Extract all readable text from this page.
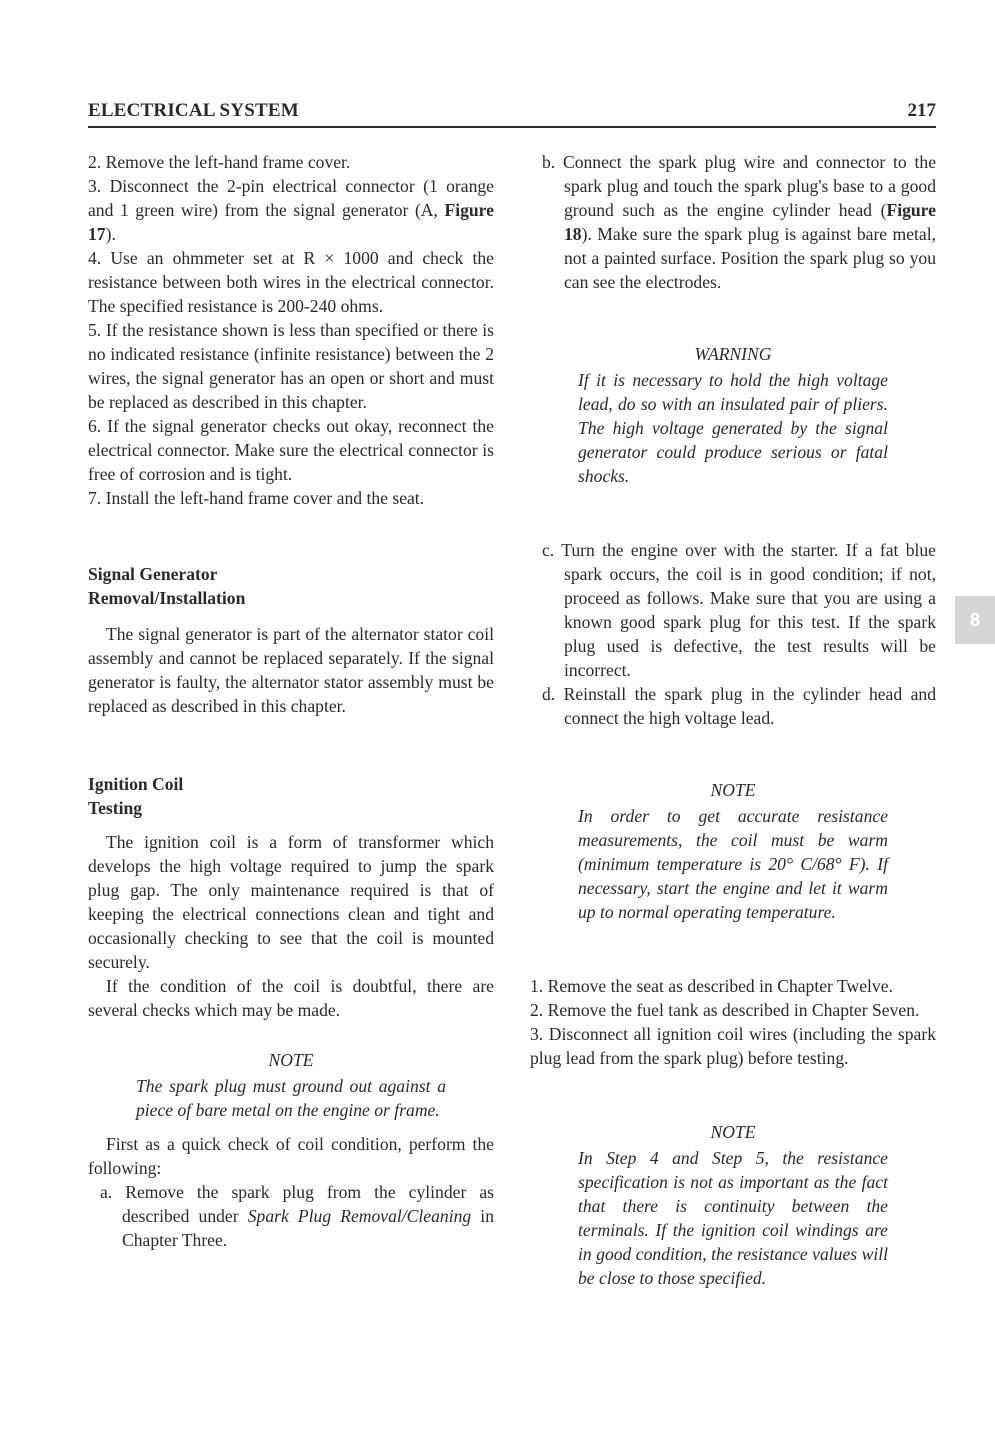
ELECTRICAL SYSTEM	217
8

2. Remove the left-hand frame cover.

3. Disconnect the 2-pin electrical connector (1 orange and 1 green wire) from the signal generator (A, Figure 17).

4. Use an ohmmeter set at R × 1000 and check the resistance between both wires in the electrical connector. The specified resistance is 200-240 ohms.

5. If the resistance shown is less than specified or there is no indicated resistance (infinite resistance) between the 2 wires, the signal generator has an open or short and must be replaced as described in this chapter.

6. If the signal generator checks out okay, reconnect the electrical connector. Make sure the electrical connector is free of corrosion and is tight.

7. Install the left-hand frame cover and the seat.

Signal Generator
Removal/Installation

The signal generator is part of the alternator stator coil assembly and cannot be replaced separately. If the signal generator is faulty, the alternator stator assembly must be replaced as described in this chapter.

Ignition Coil
Testing

The ignition coil is a form of transformer which develops the high voltage required to jump the spark plug gap. The only maintenance required is that of keeping the electrical connections clean and tight and occasionally checking to see that the coil is mounted securely.

If the condition of the coil is doubtful, there are several checks which may be made.

NOTE
The spark plug must ground out against a piece of bare metal on the engine or frame.

First as a quick check of coil condition, perform the following:

a. Remove the spark plug from the cylinder as described under Spark Plug Removal/Cleaning in Chapter Three.

b. Connect the spark plug wire and connector to the spark plug and touch the spark plug's base to a good ground such as the engine cylinder head (Figure 18). Make sure the spark plug is against bare metal, not a painted surface. Position the spark plug so you can see the electrodes.

WARNING
If it is necessary to hold the high voltage lead, do so with an insulated pair of pliers. The high voltage generated by the signal generator could produce serious or fatal shocks.

c. Turn the engine over with the starter. If a fat blue spark occurs, the coil is in good condition; if not, proceed as follows. Make sure that you are using a known good spark plug for this test. If the spark plug used is defective, the test results will be incorrect.

d. Reinstall the spark plug in the cylinder head and connect the high voltage lead.

NOTE
In order to get accurate resistance measurements, the coil must be warm (minimum temperature is 20° C/68° F). If necessary, start the engine and let it warm up to normal operating temperature.

1. Remove the seat as described in Chapter Twelve.

2. Remove the fuel tank as described in Chapter Seven.

3. Disconnect all ignition coil wires (including the spark plug lead from the spark plug) before testing.

NOTE
In Step 4 and Step 5, the resistance specification is not as important as the fact that there is continuity between the terminals. If the ignition coil windings are in good condition, the resistance values will be close to those specified.
